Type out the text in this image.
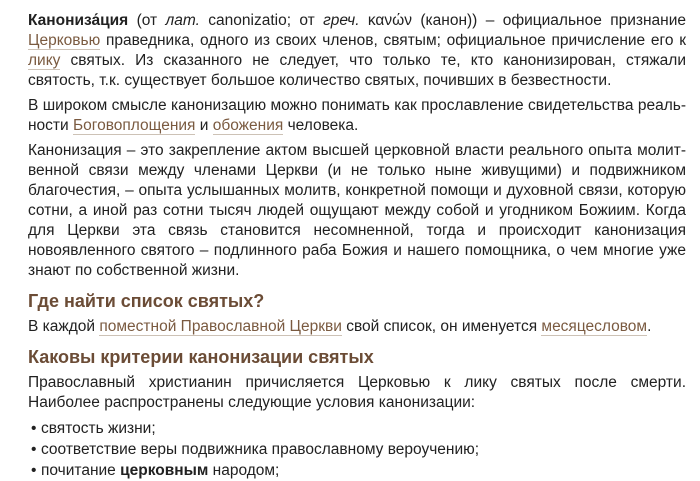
Канониза́ция (от лат. canonizatio; от греч. κανών (канон)) – официальное признание Церковью праведника, одного из своих членов, святым; официальное причисление его к лику святых. Из сказанного не следует, что только те, кто канонизирован, стяжали святость, т.к. существует большое количество святых, почивших в безвестности.

В широком смысле канонизацию можно понимать как прославление свидетельства реальности Боговоплощения и обожения человека.

Канонизация – это закрепление актом высшей церковной власти реального опыта молитвенной связи между членами Церкви (и не только ныне живущими) и подвижником благочестия, – опыта услышанных молитв, конкретной помощи и духовной связи, которую сотни, а иной раз сотни тысяч людей ощущают между собой и угодником Божиим. Когда для Церкви эта связь становится несомненной, тогда и происходит канонизация новоявленного святого – подлинного раба Божия и нашего помощника, о чем многие уже знают по собственной жизни.

Где найти список святых?

В каждой поместной Православной Церкви свой список, он именуется месяцесловом.

Каковы критерии канонизации святых

Православный христианин причисляется Церковью к лику святых после смерти. Наиболее распространены следующие условия канонизации:

• святость жизни;
• соответствие веры подвижника православному вероучению;
• почитание церковным народом;
